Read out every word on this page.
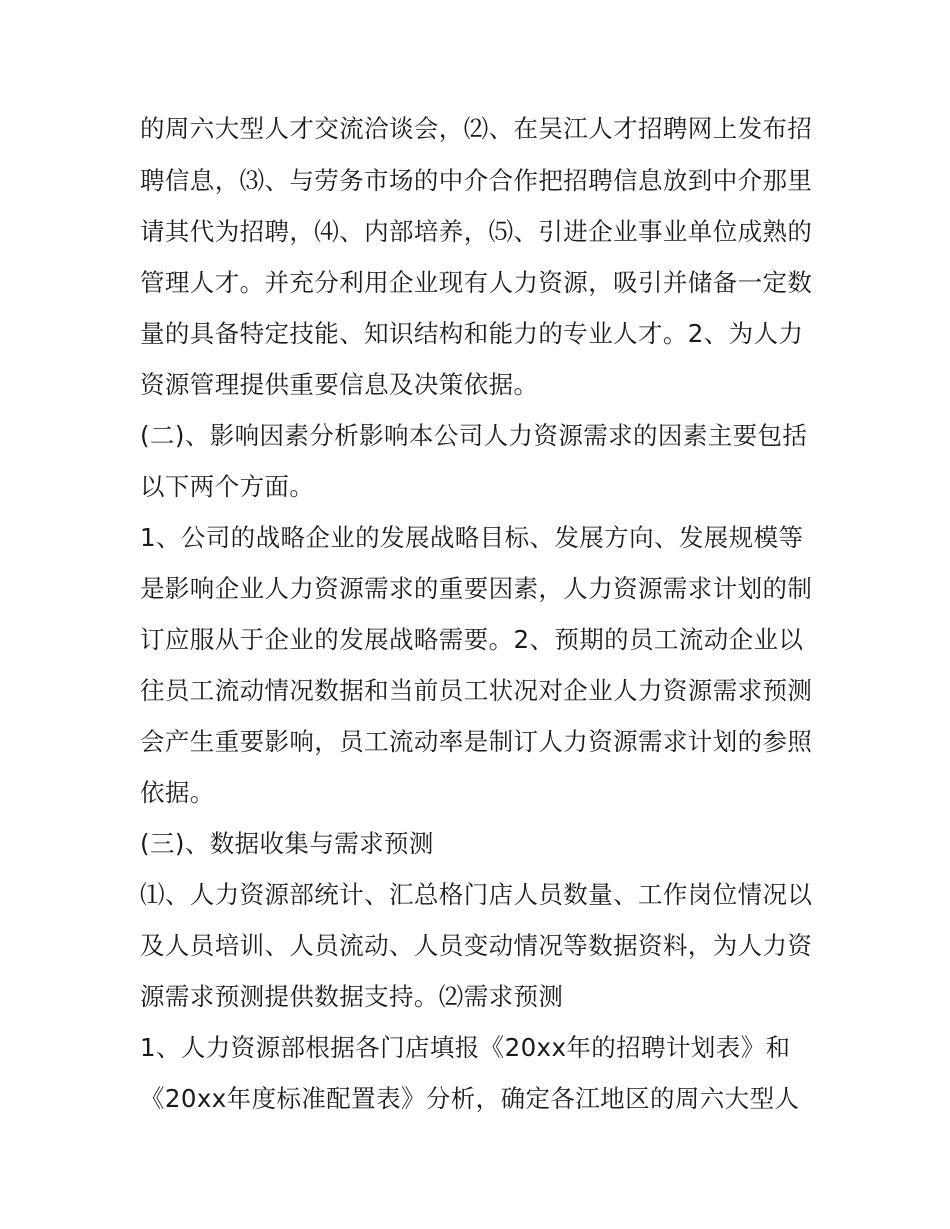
的周六大型人才交流洽谈会，⑵、在吴江人才招聘网上发布招
聘信息，⑶、与劳务市场的中介合作把招聘信息放到中介那里
请其代为招聘，⑷、内部培养，⑸、引进企业事业单位成熟的
管理人才。并充分利用企业现有人力资源，吸引并储备一定数
量的具备特定技能、知识结构和能力的专业人才。2、为人力
资源管理提供重要信息及决策依据。
(二)、影响因素分析影响本公司人力资源需求的因素主要包括
以下两个方面。
1、公司的战略企业的发展战略目标、发展方向、发展规模等
是影响企业人力资源需求的重要因素，人力资源需求计划的制
订应服从于企业的发展战略需要。2、预期的员工流动企业以
往员工流动情况数据和当前员工状况对企业人力资源需求预测
会产生重要影响，员工流动率是制订人力资源需求计划的参照
依据。
(三)、数据收集与需求预测
⑴、人力资源部统计、汇总格门店人员数量、工作岗位情况以
及人员培训、人员流动、人员变动情况等数据资料，为人力资
源需求预测提供数据支持。⑵需求预测
1、人力资源部根据各门店填报《20xx年的招聘计划表》和
《20xx年度标准配置表》分析，确定各江地区的周六大型人
